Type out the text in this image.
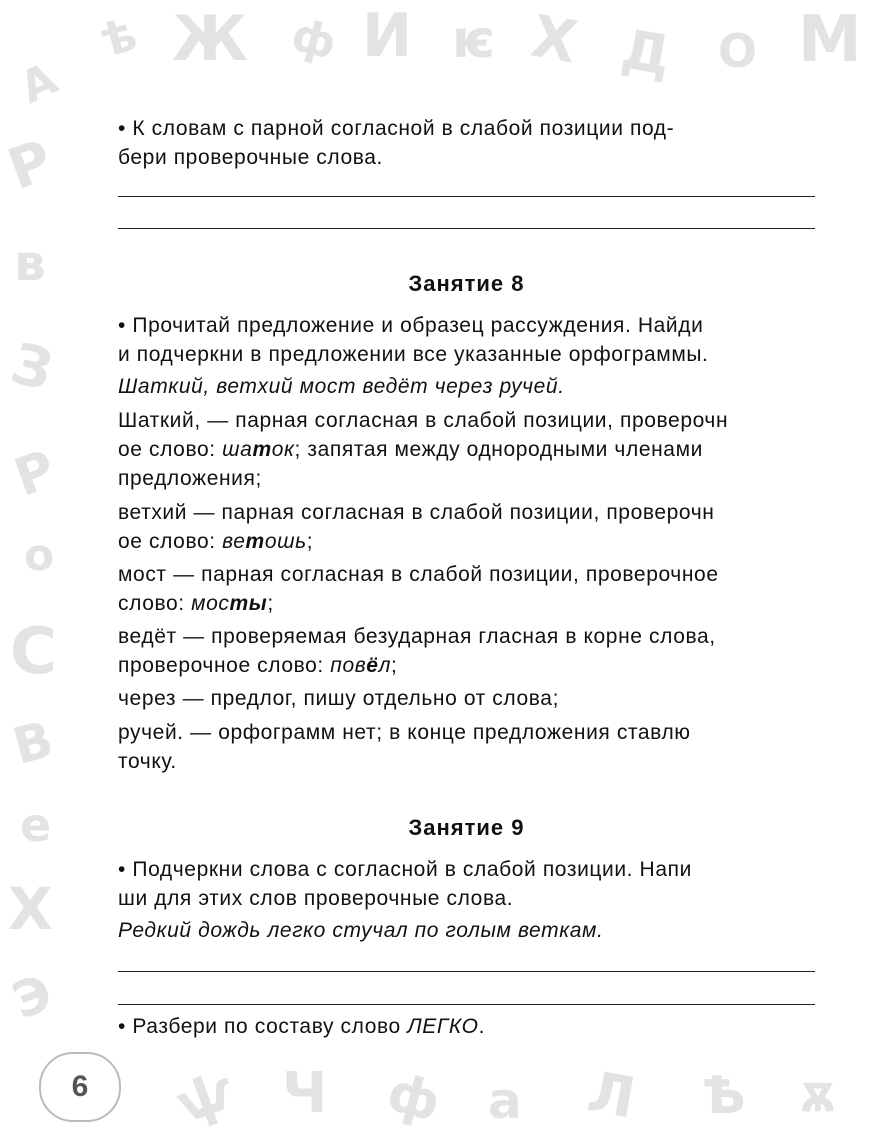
А
ѣ Ж ф И ѥ Х Д О М
Р
в
З
Р
о
С
В
е
Х
Э
ѱ Ч ф а Л Ѣ ѫ
• К словам с парной согласной в слабой позиции под-
бери проверочные слова.
Занятие 8
• Прочитай предложение и образец рассуждения. Найди
и подчеркни в предложении все указанные орфограммы.
Шаткий, ветхий мост ведёт через ручей.
Шаткий, — парная согласная в слабой позиции, проверочн
ое слово: шаток; запятая между однородными членами
предложения;
ветхий — парная согласная в слабой позиции, проверочн
ое слово: ветошь;
мост — парная согласная в слабой позиции, проверочное
слово: мосты;
ведёт — проверяемая безударная гласная в корне слова,
проверочное слово: повёл;
через — предлог, пишу отдельно от слова;
ручей. — орфограмм нет; в конце предложения ставлю
точку.
Занятие 9
• Подчеркни слова с согласной в слабой позиции. Напи
ши для этих слов проверочные слова.
Редкий дождь легко стучал по голым веткам.
• Разбери по составу слово ЛЕГКО.
6
